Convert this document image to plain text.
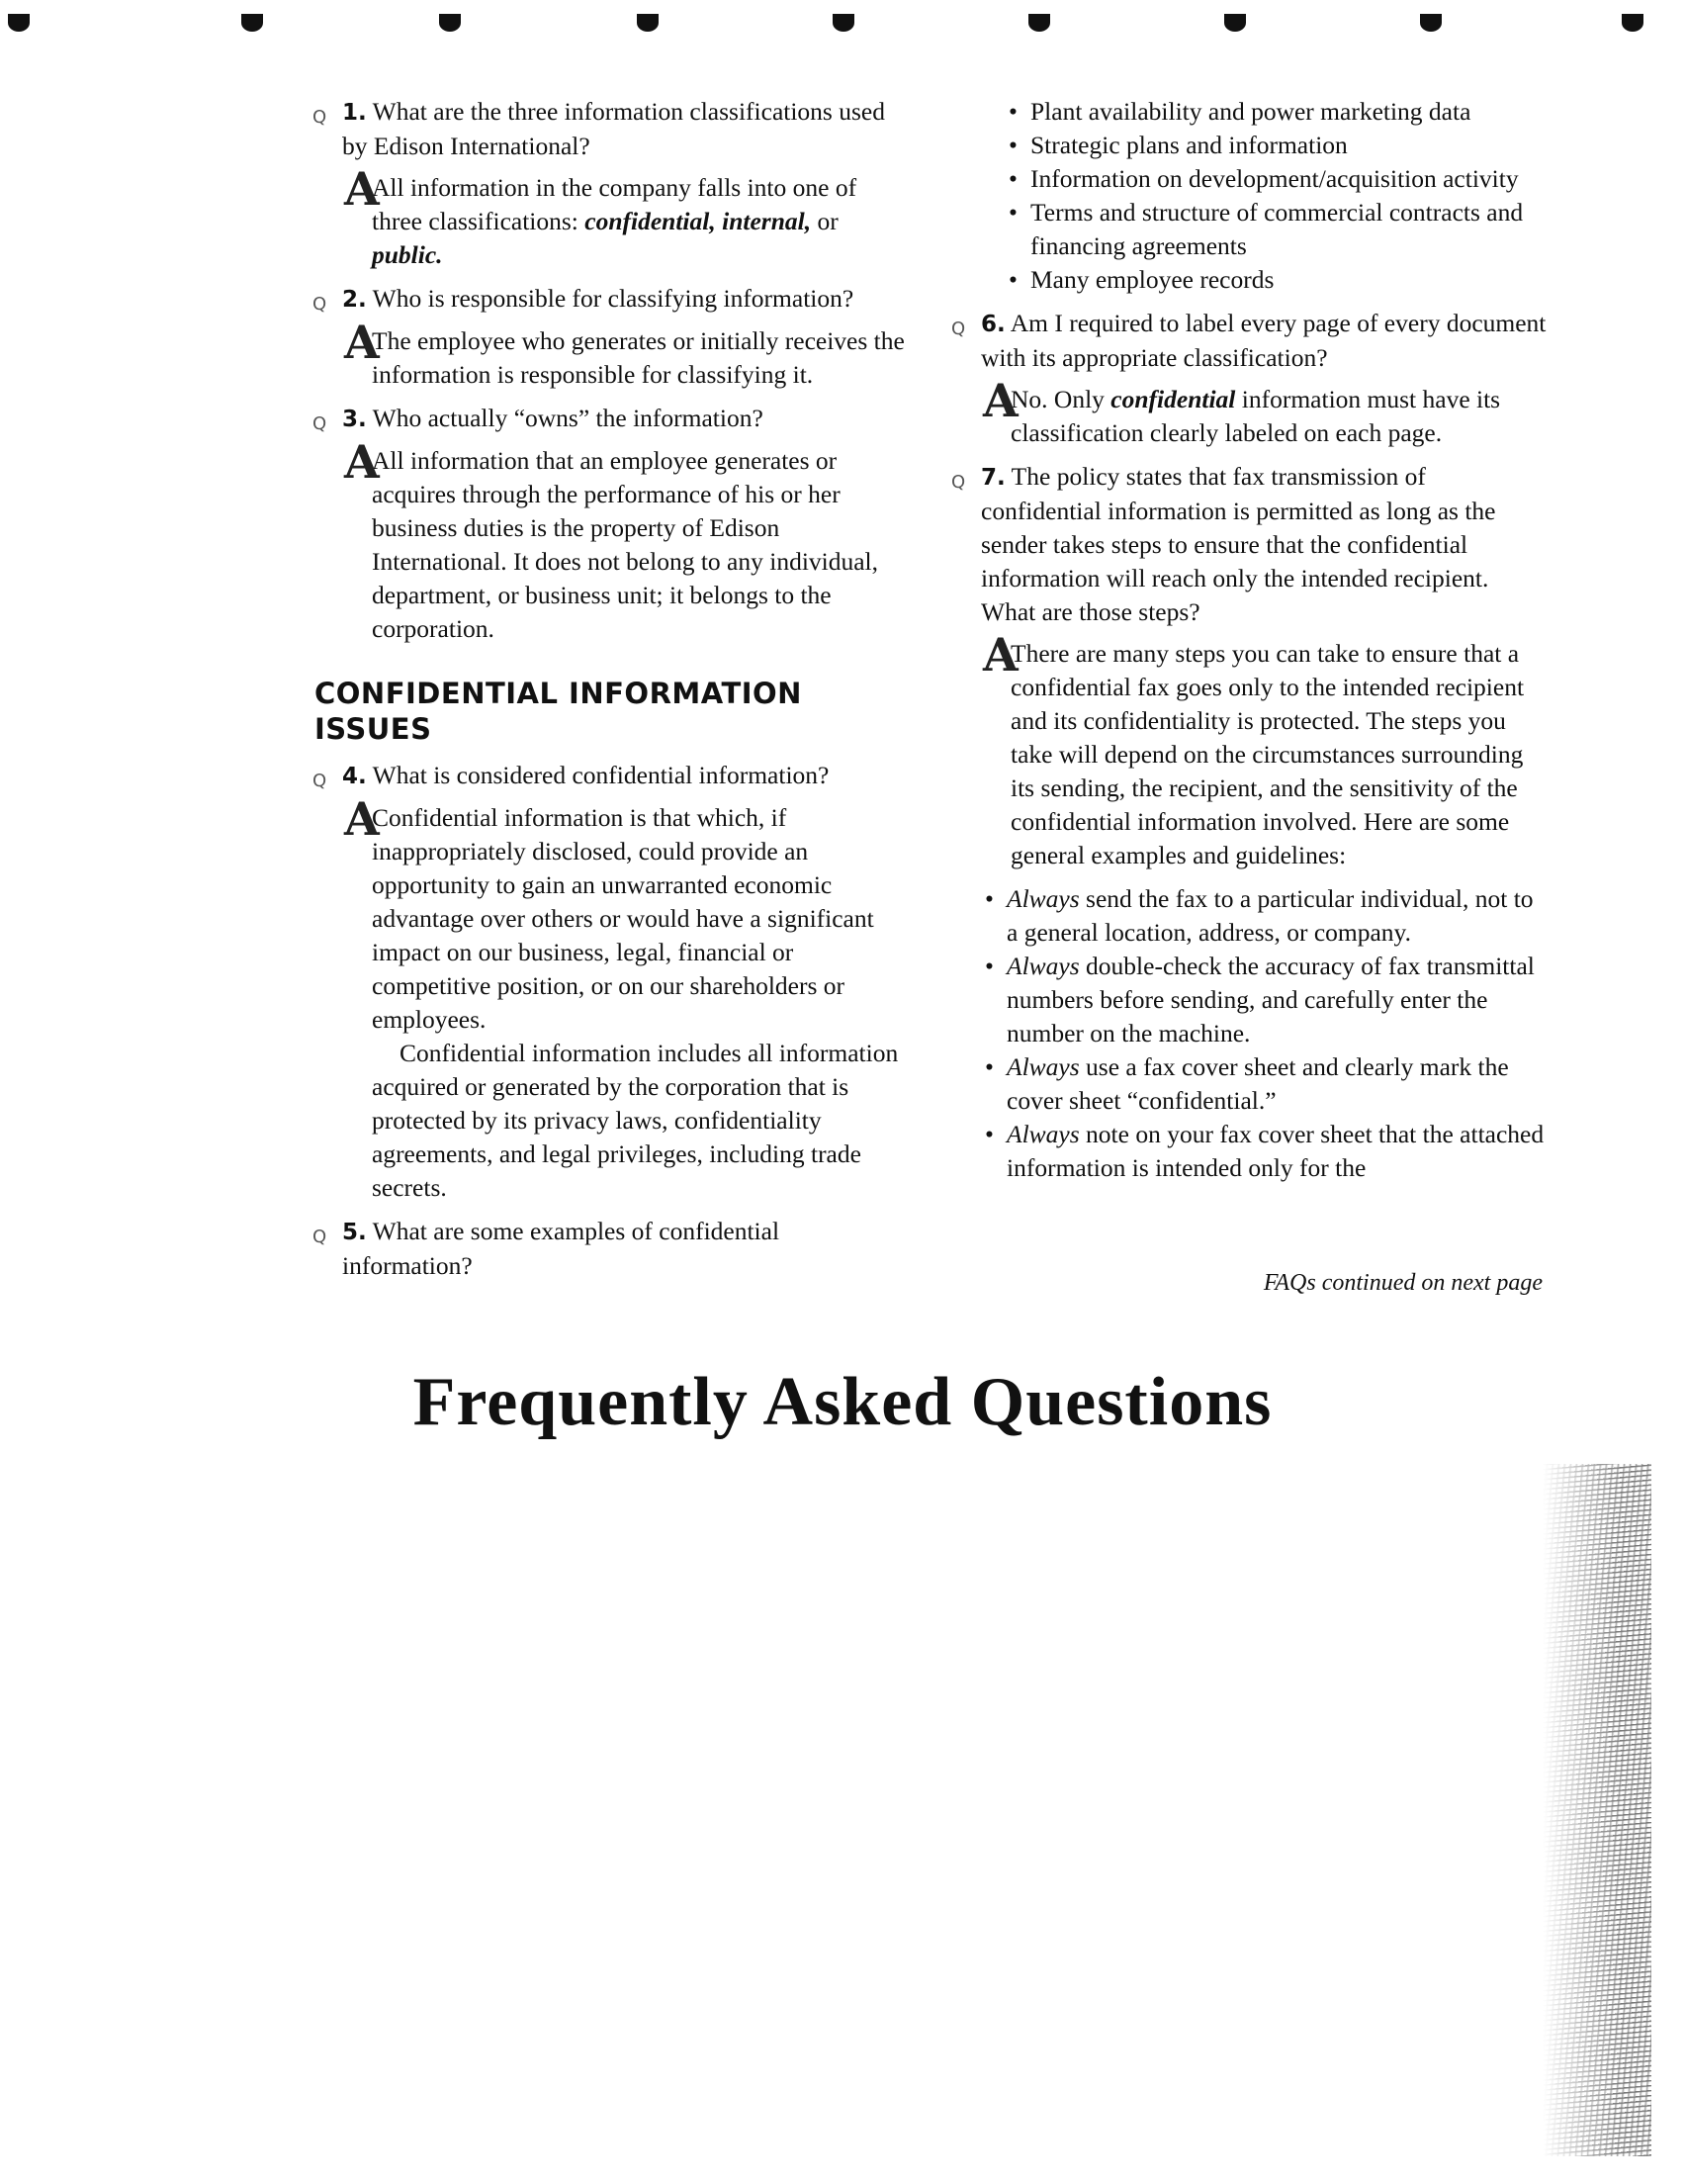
Q 1. What are the three information classifications used by Edison International?
A

All information in the company falls into one of three classifications: confidential, internal, or public.

Q 2. Who is responsible for classifying information?
A

The employee who generates or initially receives the information is responsible for classifying it.

Q 3. Who actually “owns” the information?
A

All information that an employee generates or acquires through the performance of his or her business duties is the property of Edison International. It does not belong to any individual, department, or business unit; it belongs to the corporation.

CONFIDENTIAL INFORMATION ISSUES
Q 4. What is considered confidential information?
A

Confidential information is that which, if inappropriately disclosed, could provide an opportunity to gain an unwarranted economic advantage over others or would have a significant impact on our business, legal, financial or competitive position, or on our shareholders or employees.

Confidential information includes all information acquired or generated by the corporation that is protected by its privacy laws, confidentiality agreements, and legal privileges, including trade secrets.

Q 5. What are some examples of confidential information?
• Plant availability and power marketing data
• Strategic plans and information
• Information on development/acquisition activity
• Terms and structure of commercial contracts and financing agreements
• Many employee records
Q 6. Am I required to label every page of every document with its appropriate classification?
A

No. Only confidential information must have its classification clearly labeled on each page.

Q 7. The policy states that fax transmission of confidential information is permitted as long as the sender takes steps to ensure that the confidential information will reach only the intended recipient. What are those steps?
A

There are many steps you can take to ensure that a confidential fax goes only to the intended recipient and its confidentiality is protected. The steps you take will depend on the circumstances surrounding its sending, the recipient, and the sensitivity of the confidential information involved. Here are some general examples and guidelines:

• Always send the fax to a particular individual, not to a general location, address, or company.
• Always double-check the accuracy of fax transmittal numbers before sending, and carefully enter the number on the machine.
• Always use a fax cover sheet and clearly mark the cover sheet “confidential.”
• Always note on your fax cover sheet that the attached information is intended only for the
FAQs continued on next page
Frequently Asked Questions
